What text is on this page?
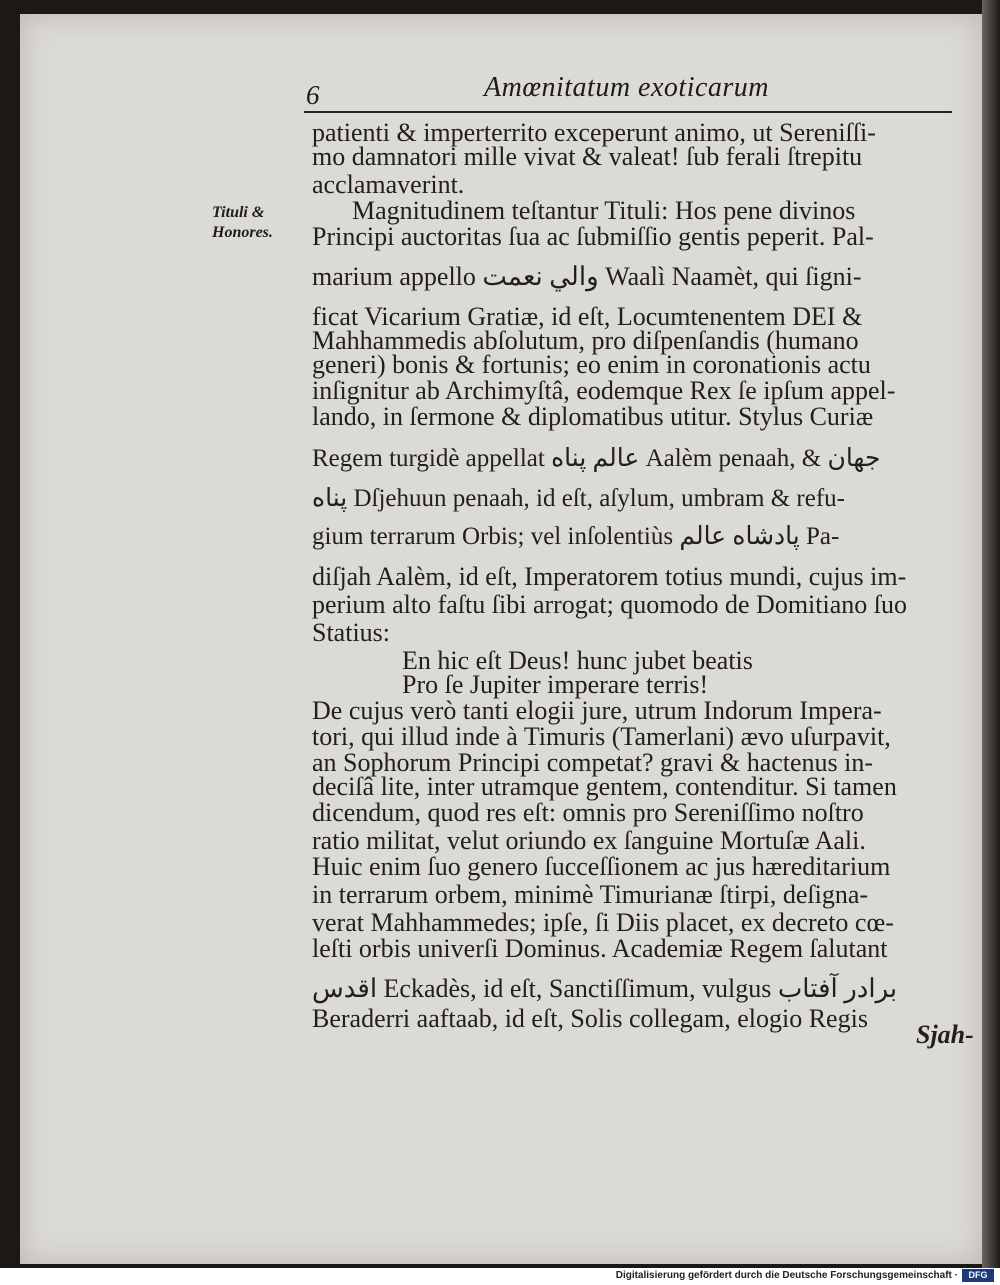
6	Amœnitatum exoticarum
Tituli &
Honores.
patienti & imperterrito exceperunt animo, ut Sereniſſi-
mo damnatori mille vivat & valeat! ſub ferali ſtrepitu
acclamaverint.
Magnitudinem teſtantur Tituli: Hos pene divinos
Principi auctoritas ſua ac ſubmiſſio gentis peperit. Pal-
marium appello والي نعمت Waalì Naamèt, qui ſigni-
ficat Vicarium Gratiæ, id eſt, Locumtenentem DEI &
Mahhammedis abſolutum, pro diſpenſandis (humano
generi) bonis & fortunis; eo enim in coronationis actu
inſignitur ab Archimyſtâ, eodemque Rex ſe ipſum appel-
lando, in ſermone & diplomatibus utitur. Stylus Curiæ
Regem turgidè appellat عالم پناه Aalèm penaah, & جهان
پناه Dſjehuun penaah, id eſt, aſylum, umbram & refu-
gium terrarum Orbis; vel inſolentiùs پادشاه عالم Pa-
diſjah Aalèm, id eſt, Imperatorem totius mundi, cujus im-
perium alto faſtu ſibi arrogat; quomodo de Domitiano ſuo
Statius:
En hic eſt Deus! hunc jubet beatis
Pro ſe Jupiter imperare terris!
De cujus verò tanti elogii jure, utrum Indorum Impera-
tori, qui illud inde à Timuris (Tamerlani) ævo uſurpavit,
an Sophorum Principi competat? gravi & hactenus in-
deciſâ lite, inter utramque gentem, contenditur. Si tamen
dicendum, quod res eſt: omnis pro Sereniſſimo noſtro
ratio militat, velut oriundo ex ſanguine Mortuſæ Aali.
Huic enim ſuo genero ſucceſſionem ac jus hæreditarium
in terrarum orbem, minimè Timurianæ ſtirpi, deſigna-
verat Mahhammedes; ipſe, ſi Diis placet, ex decreto cœ-
leſti orbis univerſi Dominus. Academiæ Regem ſalutant
اقدس Eckadès, id eſt, Sanctiſſimum, vulgus برادر آفتاب
Beraderri aaftaab, id eſt, Solis collegam, elogio Regis
Sjah-
Digitalisierung gefördert durch die Deutsche Forschungsgemeinschaft ·	DFG
